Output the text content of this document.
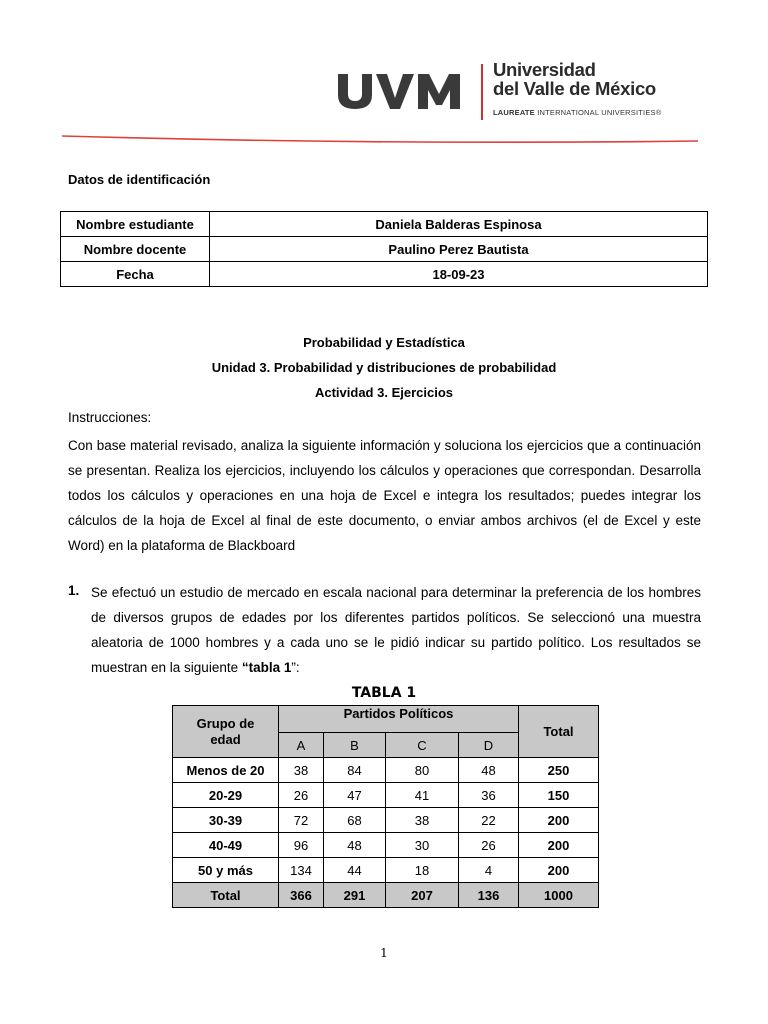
Universidad
del Valle de México
LAUREATE INTERNATIONAL UNIVERSITIES®
Datos de identificación
Nombre estudiante	Daniela Balderas Espinosa
Nombre docente	Paulino Perez Bautista
Fecha	18-09-23
Probabilidad y Estadística
Unidad 3. Probabilidad y distribuciones de probabilidad
Actividad 3. Ejercicios
Instrucciones:
Con base material revisado, analiza la siguiente información y soluciona los ejercicios que a continuación se presentan. Realiza los ejercicios, incluyendo los cálculos y operaciones que correspondan. Desarrolla todos los cálculos y operaciones en una hoja de Excel e integra los resultados; puedes integrar los cálculos de la hoja de Excel al final de este documento, o enviar ambos archivos (el de Excel y este Word) en la plataforma de Blackboard
1. Se efectuó un estudio de mercado en escala nacional para determinar la preferencia de los hombres de diversos grupos de edades por los diferentes partidos políticos. Se seleccionó una muestra aleatoria de 1000 hombres y a cada uno se le pidió indicar su partido político. Los resultados se muestran en la siguiente “tabla 1”:
TABLA 1
Grupo de edad	Partidos Políticos				Total
	A	B	C	D	
Menos de 20	38	84	80	48	250
20-29	26	47	41	36	150
30-39	72	68	38	22	200
40-49	96	48	30	26	200
50 y más	134	44	18	4	200
Total	366	291	207	136	1000
1
